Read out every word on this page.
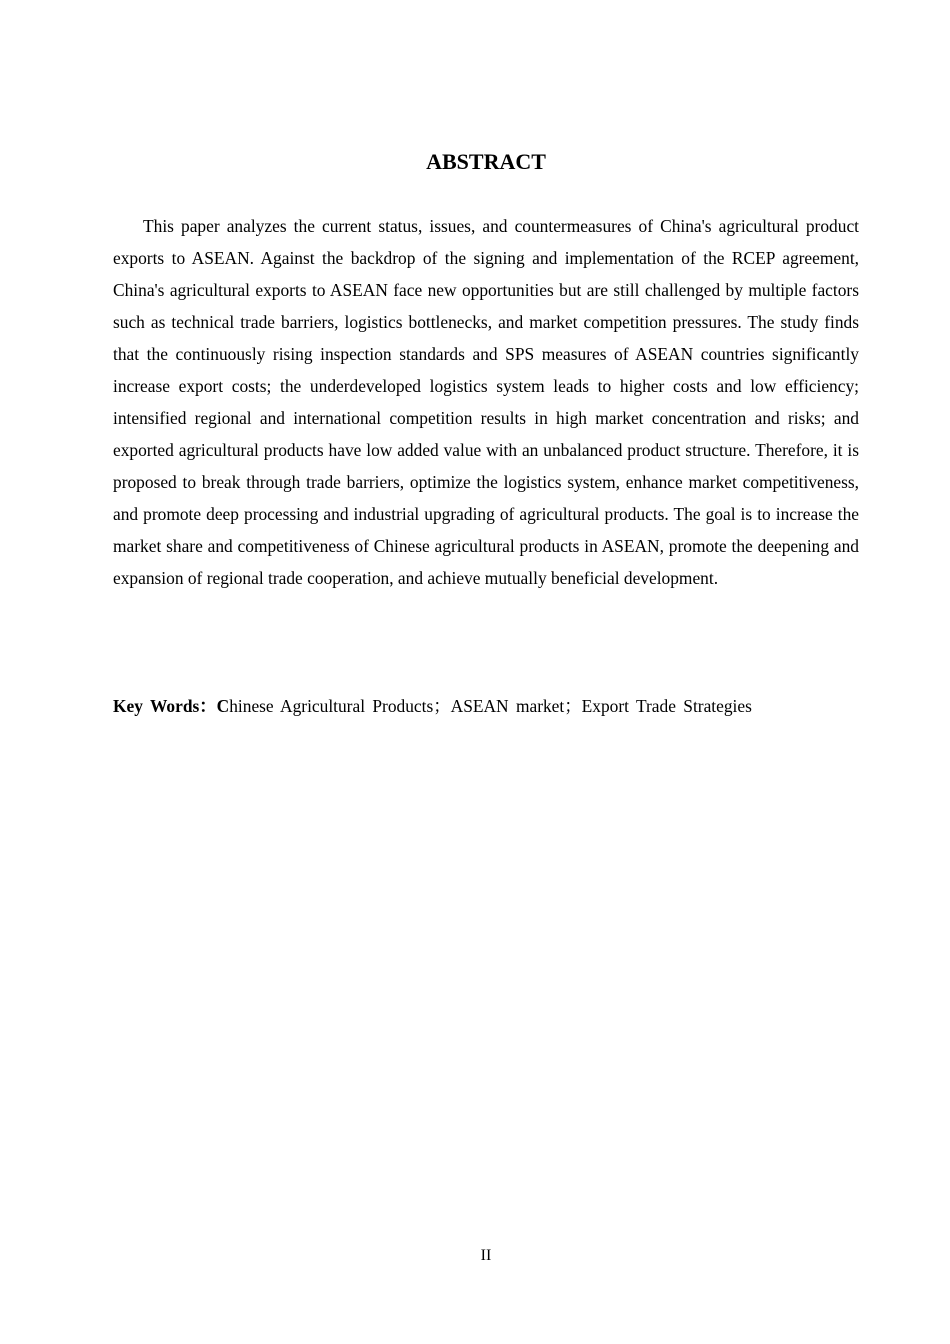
ABSTRACT

This paper analyzes the current status, issues, and countermeasures of China's agricultural product exports to ASEAN. Against the backdrop of the signing and implementation of the RCEP agreement, China's agricultural exports to ASEAN face new opportunities but are still challenged by multiple factors such as technical trade barriers, logistics bottlenecks, and market competition pressures. The study finds that the continuously rising inspection standards and SPS measures of ASEAN countries significantly increase export costs; the underdeveloped logistics system leads to higher costs and low efficiency; intensified regional and international competition results in high market concentration and risks; and exported agricultural products have low added value with an unbalanced product structure. Therefore, it is proposed to break through trade barriers, optimize the logistics system, enhance market competitiveness, and promote deep processing and industrial upgrading of agricultural products. The goal is to increase the market share and competitiveness of Chinese agricultural products in ASEAN, promote the deepening and expansion of regional trade cooperation, and achieve mutually beneficial development.

Key Words：Chinese Agricultural Products；ASEAN market；Export Trade Strategies

II
